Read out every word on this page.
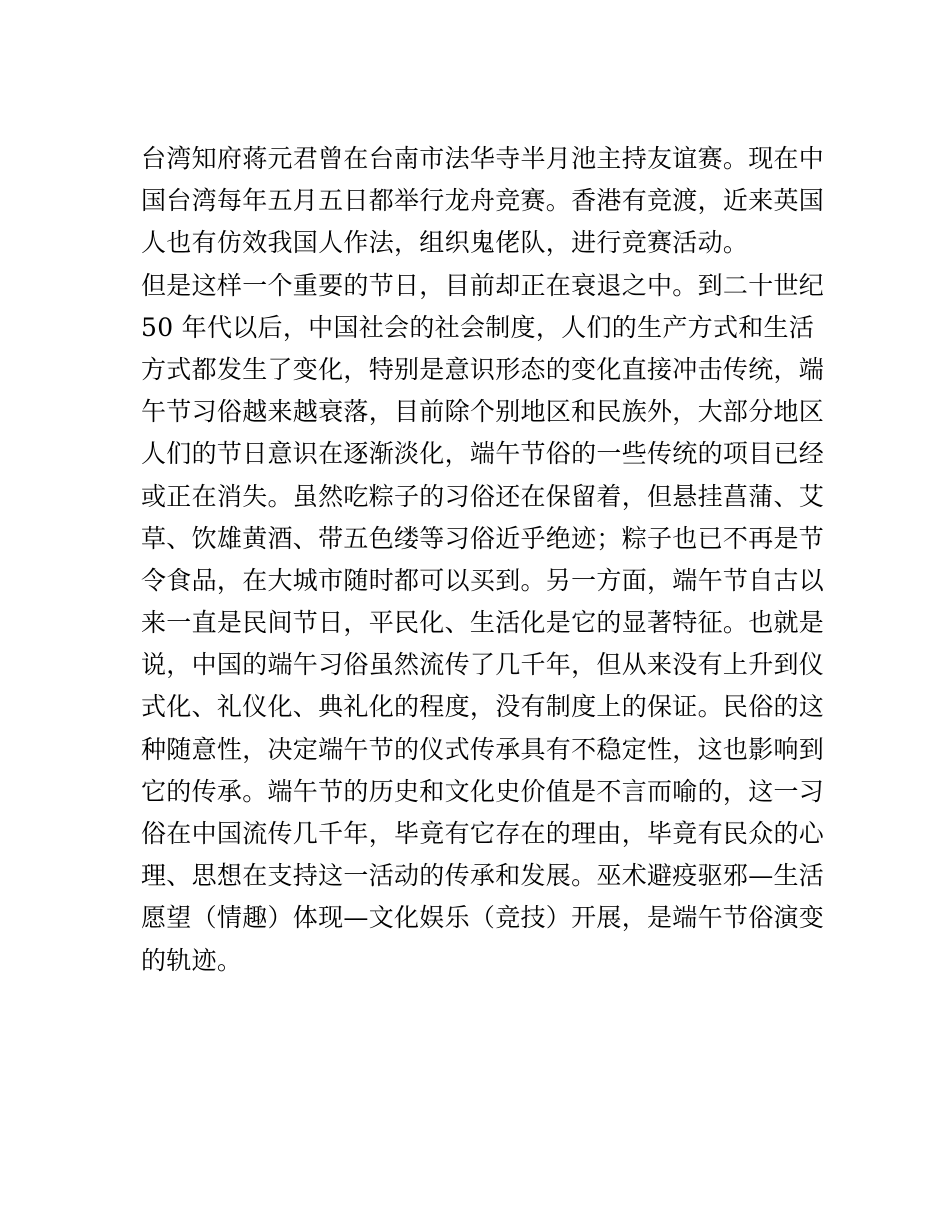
台湾知府蒋元君曾在台南市法华寺半月池主持友谊赛。现在中
国台湾每年五月五日都举行龙舟竞赛。香港有竞渡，近来英国
人也有仿效我国人作法，组织鬼佬队，进行竞赛活动。
但是这样一个重要的节日，目前却正在衰退之中。到二十世纪
50 年代以后，中国社会的社会制度，人们的生产方式和生活
方式都发生了变化，特别是意识形态的变化直接冲击传统，端
午节习俗越来越衰落，目前除个别地区和民族外，大部分地区
人们的节日意识在逐渐淡化，端午节俗的一些传统的项目已经
或正在消失。虽然吃粽子的习俗还在保留着，但悬挂菖蒲、艾
草、饮雄黄酒、带五色缕等习俗近乎绝迹；粽子也已不再是节
令食品，在大城市随时都可以买到。另一方面，端午节自古以
来一直是民间节日，平民化、生活化是它的显著特征。也就是
说，中国的端午习俗虽然流传了几千年，但从来没有上升到仪
式化、礼仪化、典礼化的程度，没有制度上的保证。民俗的这
种随意性，决定端午节的仪式传承具有不稳定性，这也影响到
它的传承。端午节的历史和文化史价值是不言而喻的，这一习
俗在中国流传几千年，毕竟有它存在的理由，毕竟有民众的心
理、思想在支持这一活动的传承和发展。巫术避疫驱邪—生活
愿望（情趣）体现—文化娱乐（竞技）开展，是端午节俗演变
的轨迹。
